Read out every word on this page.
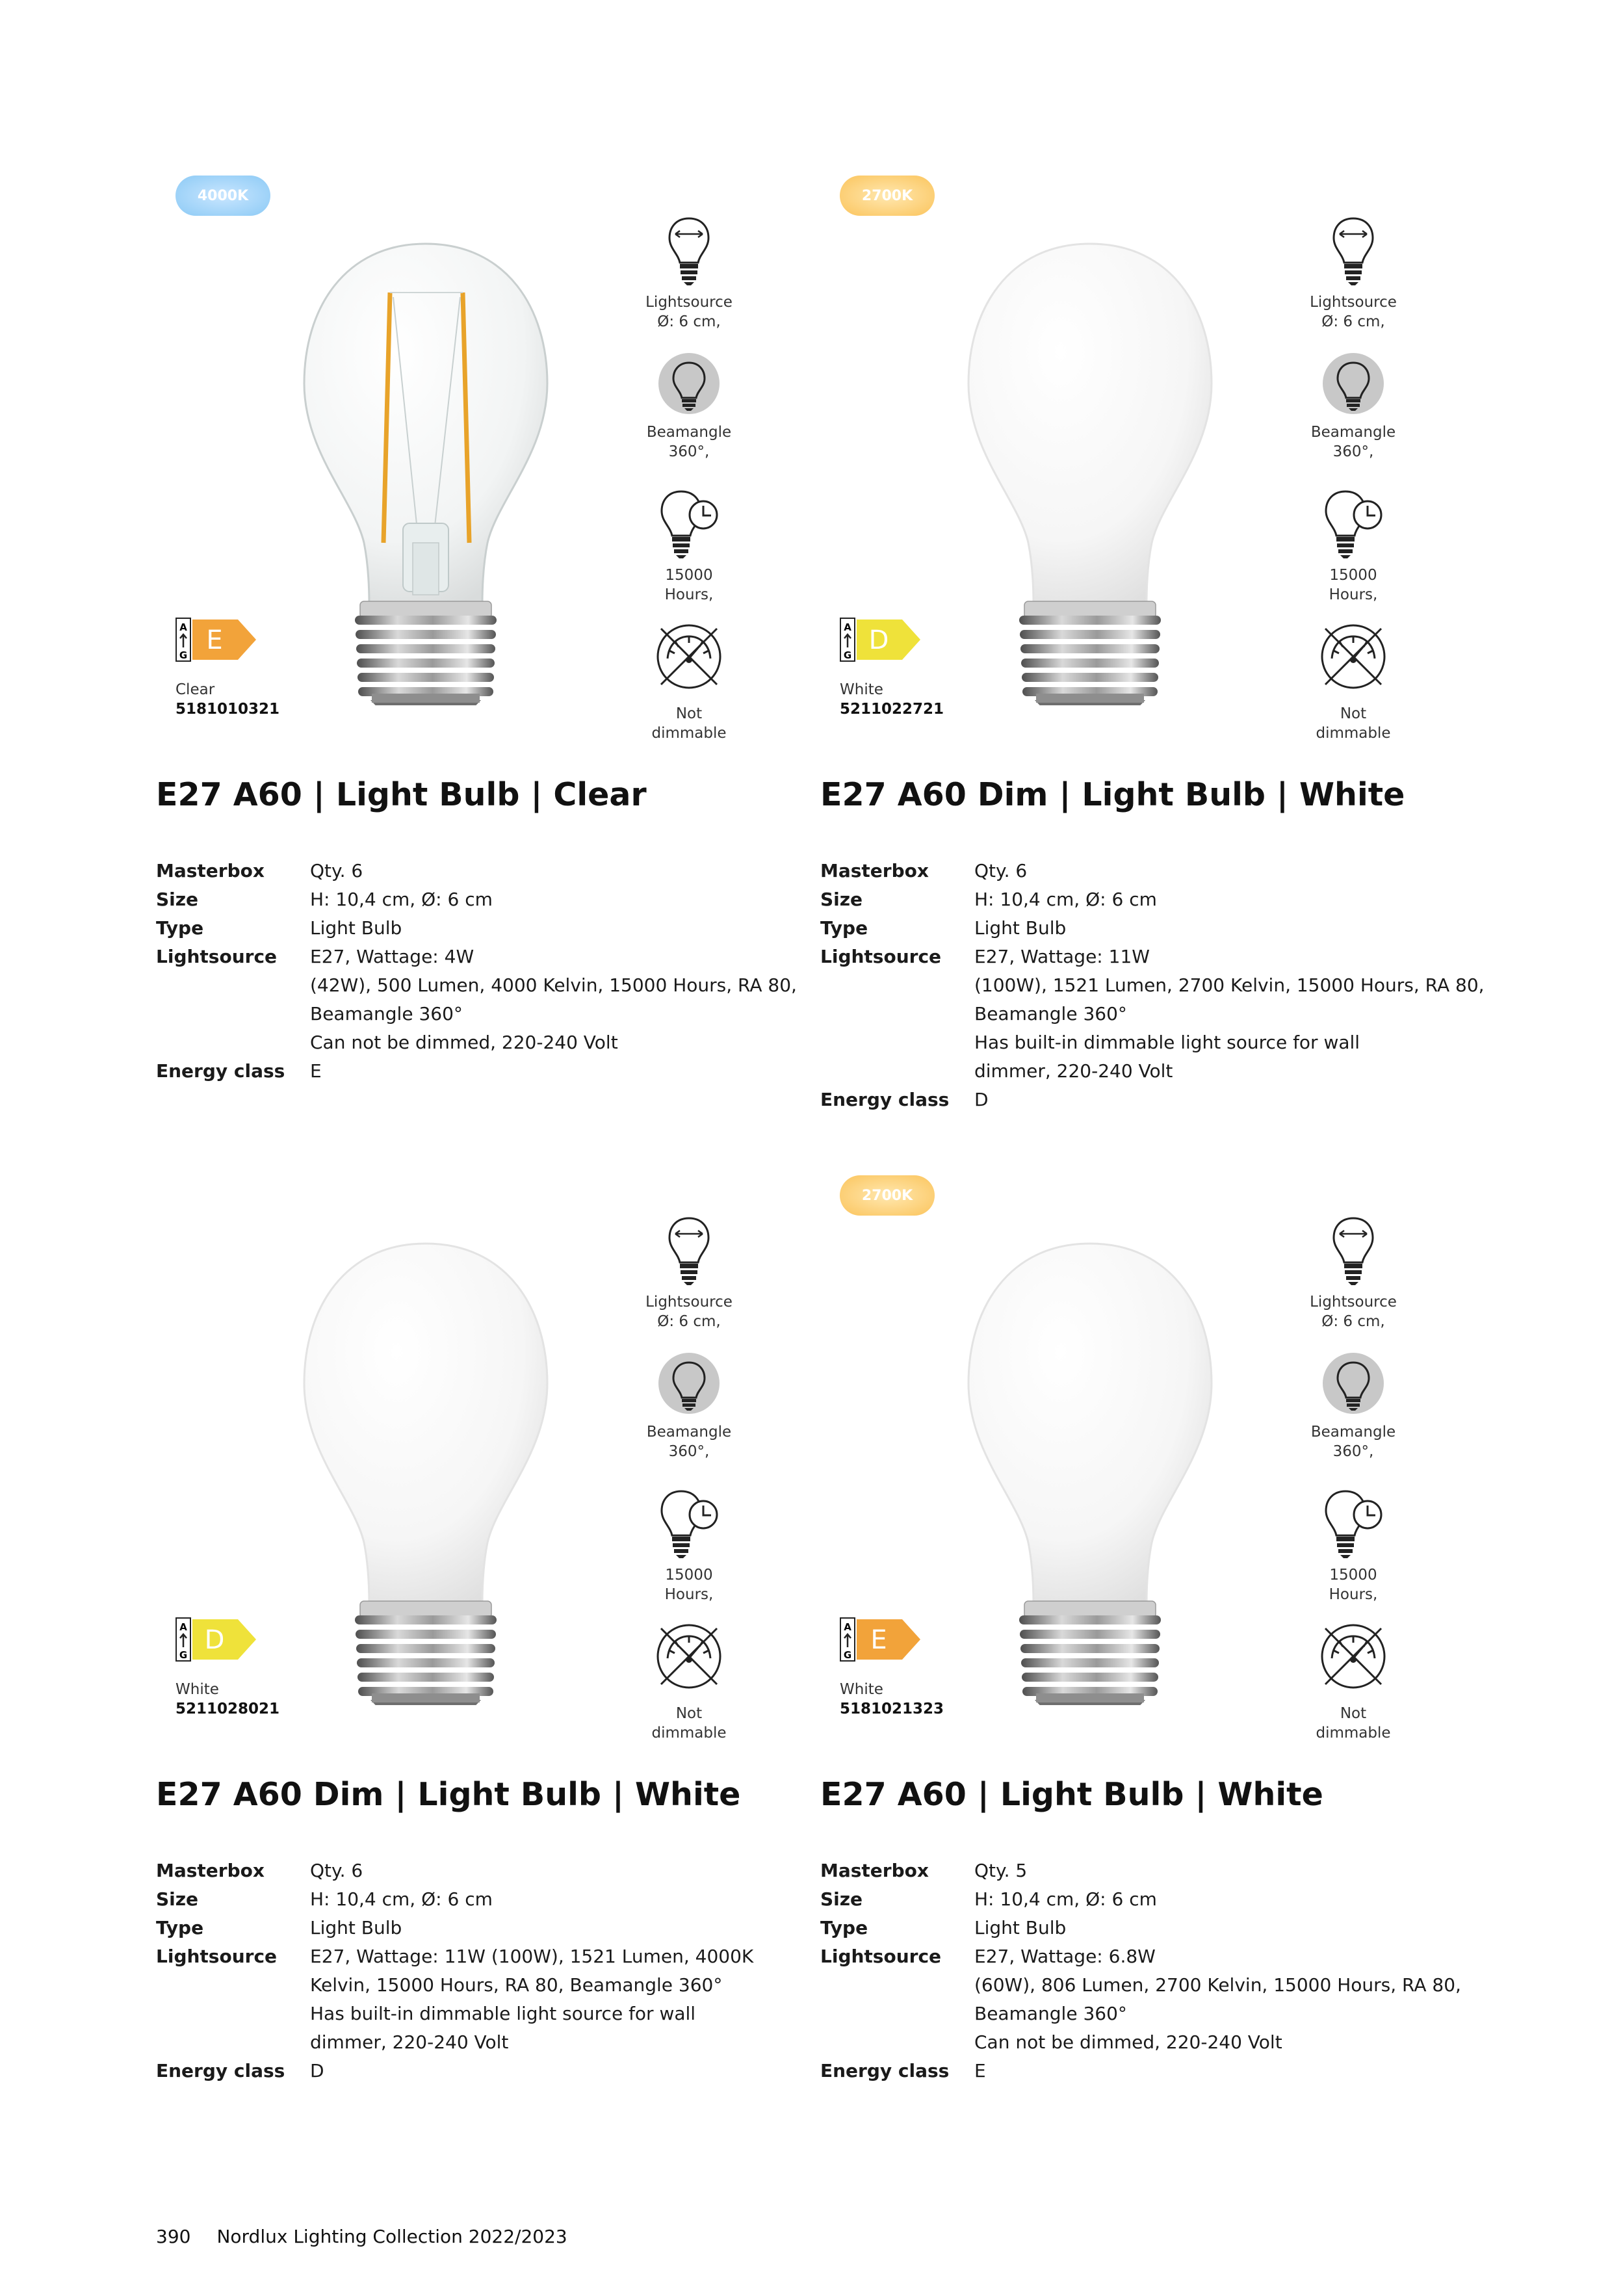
4000K
Lightsource
Ø: 6 cm,
Beamangle
360°,
15000
Hours,
Not dimmable
A
G E
Clear
5181010321
E27 A60 | Light Bulb | Clear
Masterbox	Qty. 6
Size	H: 10,4 cm, Ø: 6 cm
Type	Light Bulb
Lightsource	E27, Wattage: 4W
(42W), 500 Lumen, 4000 Kelvin, 15000 Hours, RA 80,
Beamangle 360°
Can not be dimmed, 220-240 Volt
Energy class	E
2700K
Lightsource
Ø: 6 cm,
Beamangle
360°,
15000
Hours,
Not dimmable
A
G D
White
5211022721
E27 A60 Dim | Light Bulb | White
Masterbox	Qty. 6
Size	H: 10,4 cm, Ø: 6 cm
Type	Light Bulb
Lightsource	E27, Wattage: 11W
(100W), 1521 Lumen, 2700 Kelvin, 15000 Hours, RA 80,
Beamangle 360°
Has built-in dimmable light source for wall
dimmer, 220-240 Volt
Energy class	D
Lightsource
Ø: 6 cm,
Beamangle
360°,
15000
Hours,
Not dimmable
A
G D
White
5211028021
E27 A60 Dim | Light Bulb | White
Masterbox	Qty. 6
Size	H: 10,4 cm, Ø: 6 cm
Type	Light Bulb
Lightsource	E27, Wattage: 11W (100W), 1521 Lumen, 4000K
Kelvin, 15000 Hours, RA 80, Beamangle 360°
Has built-in dimmable light source for wall
dimmer, 220-240 Volt
Energy class	D
2700K
Lightsource
Ø: 6 cm,
Beamangle
360°,
15000
Hours,
Not dimmable
A
G E
White
5181021323
E27 A60 | Light Bulb | White
Masterbox	Qty. 5
Size	H: 10,4 cm, Ø: 6 cm
Type	Light Bulb
Lightsource	E27, Wattage: 6.8W
(60W), 806 Lumen, 2700 Kelvin, 15000 Hours, RA 80,
Beamangle 360°
Can not be dimmed, 220-240 Volt
Energy class	E
390 Nordlux Lighting Collection 2022/2023
